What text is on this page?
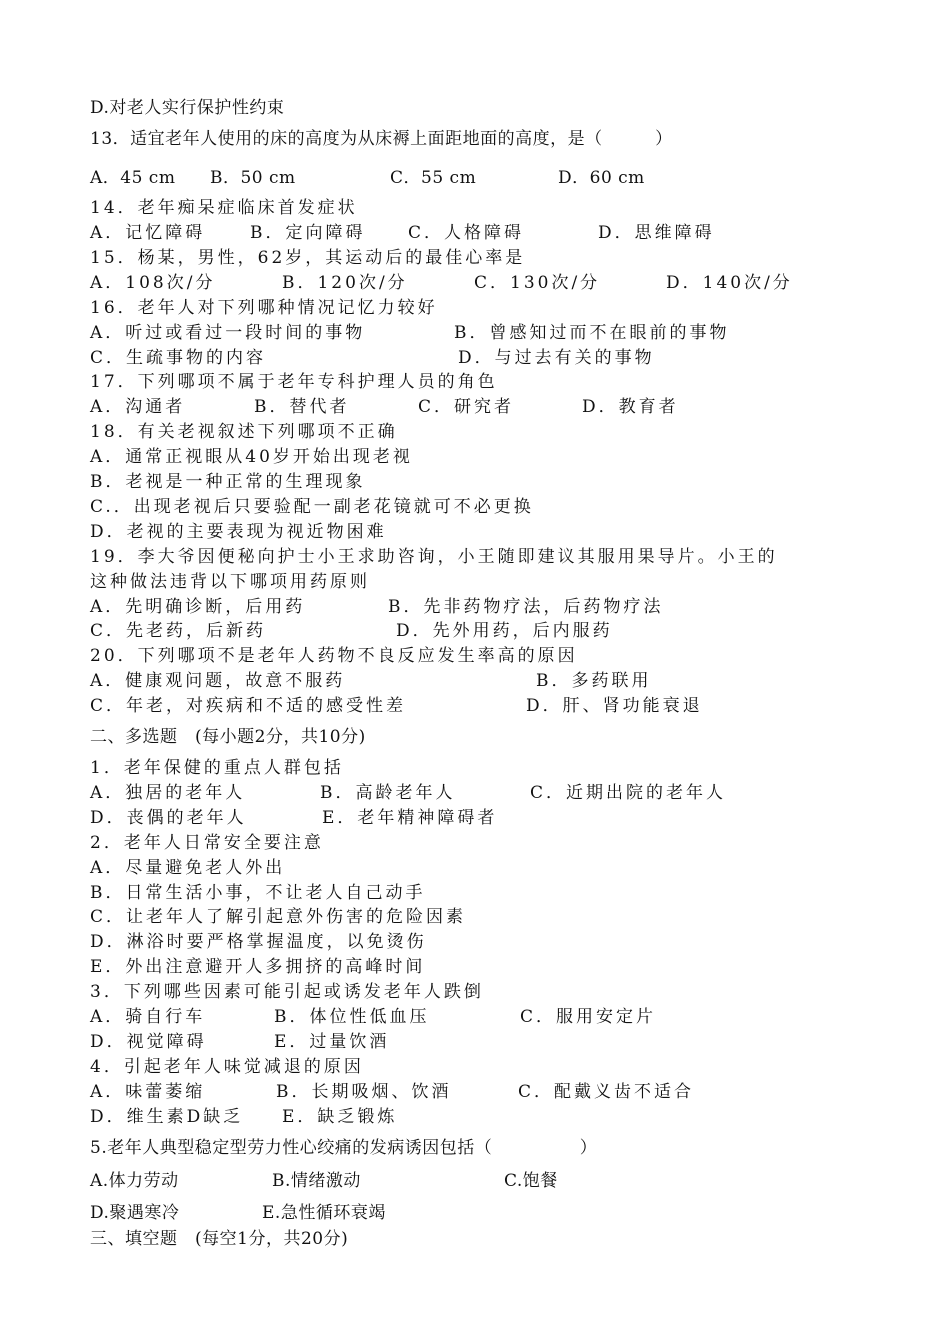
D.对老人实行保护性约束
13．适宜老年人使用的床的高度为从床褥上面距地面的高度，是（　　　）

A．45 cm

B．50 cm

	C．55 cm

	D．60 cm

14．老年痴呆症临床首发症状

A．记忆障碍

	B．定向障碍

	C．人格障碍

	D．思维障碍

15．杨某，男性，62岁，其运动后的最佳心率是

A．108次/分

	B．120次/分

	C．130次/分

	D．140次/分

16．老年人对下列哪种情况记忆力较好

A．听过或看过一段时间的事物

	B．曾感知过而不在眼前的事物

C．生疏事物的内容

	D．与过去有关的事物

17．下列哪项不属于老年专科护理人员的角色

A．沟通者

	B．替代者

	C．研究者

	D．教育者

18．有关老视叙述下列哪项不正确
A．通常正视眼从40岁开始出现老视
B．老视是一种正常的生理现象
C.．出现老视后只要验配一副老花镜就可不必更换
D．老视的主要表现为视近物困难
19．李大爷因便秘向护士小王求助咨询，小王随即建议其服用果导片。小王的
这种做法违背以下哪项用药原则

A．先明确诊断，后用药

	B．先非药物疗法，后药物疗法

C．先老药，后新药

	D．先外用药，后内服药

20．下列哪项不是老年人药物不良反应发生率高的原因

A．健康观问题，故意不服药

	B．多药联用

C．年老，对疾病和不适的感受性差

	D．肝、肾功能衰退

二、多选题　(每小题2分，共10分)
1．老年保健的重点人群包括

A．独居的老年人

	B．高龄老年人

	C．近期出院的老年人

D．丧偶的老年人

	E．老年精神障碍者

2．老年人日常安全要注意
A．尽量避免老人外出
B．日常生活小事，不让老人自己动手
C．让老年人了解引起意外伤害的危险因素
D．淋浴时要严格掌握温度，以免烫伤
E．外出注意避开人多拥挤的高峰时间
3．下列哪些因素可能引起或诱发老年人跌倒

A．骑自行车

	B．体位性低血压

	C．服用安定片

D．视觉障碍

	E．过量饮酒

4．引起老年人味觉减退的原因

A．味蕾萎缩

	B．长期吸烟、饮酒

	C．配戴义齿不适合

D．维生素D缺乏

E．缺乏锻炼

5.老年人典型稳定型劳力性心绞痛的发病诱因包括（　　　　　）

A.体力劳动

	B.情绪激动

	C.饱餐

D.聚遇寒冷

	E.急性循环衰竭

三、填空题　(每空1分，共20分)
